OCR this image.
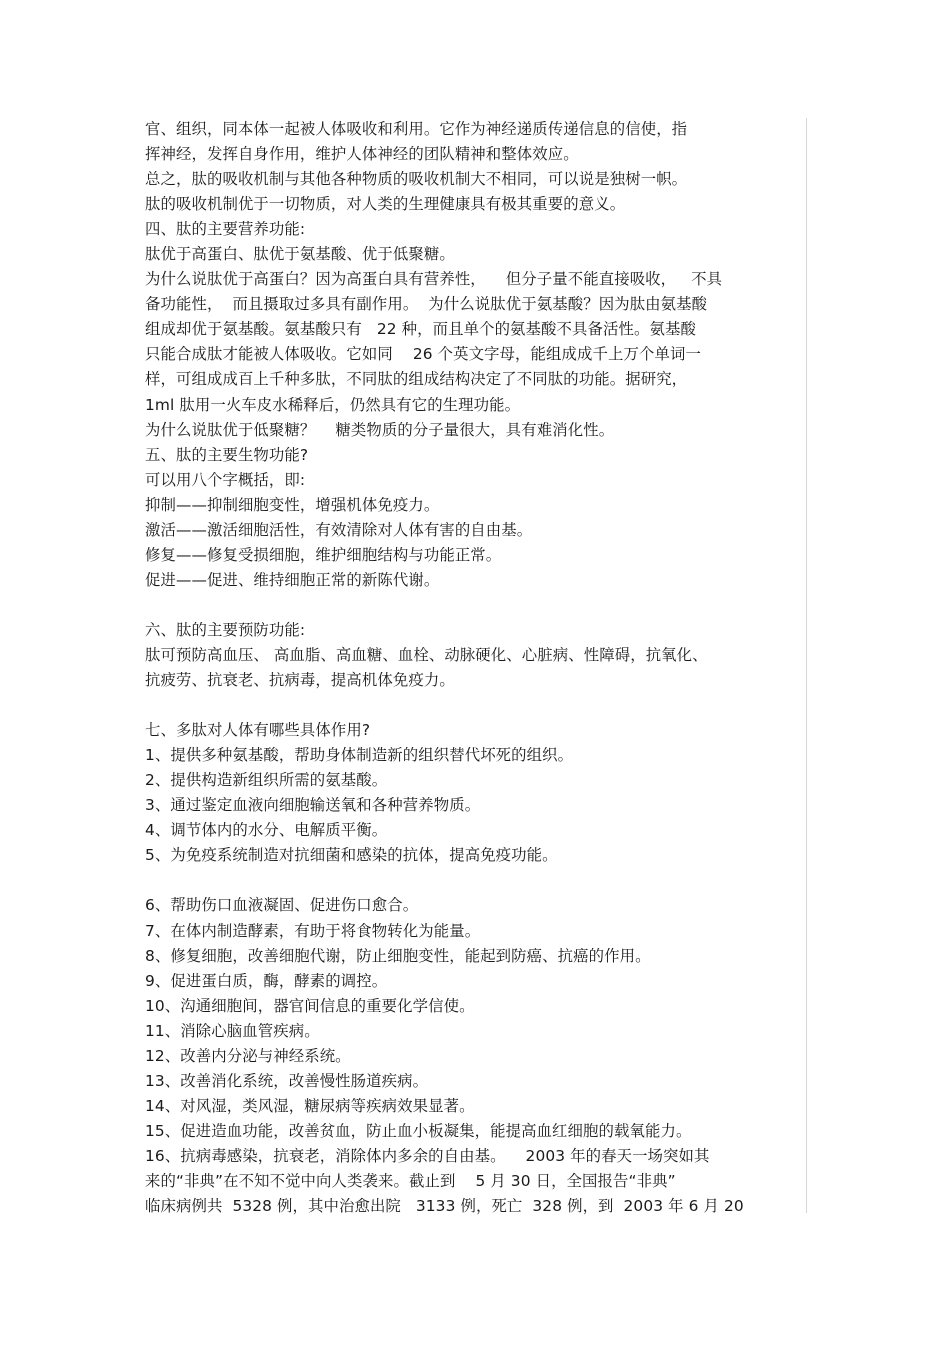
官、组织，同本体一起被人体吸收和利用。它作为神经递质传递信息的信使，指
挥神经，发挥自身作用，维护人体神经的团队精神和整体效应。
总之，肽的吸收机制与其他各种物质的吸收机制大不相同，可以说是独树一帜。
肽的吸收机制优于一切物质，对人类的生理健康具有极其重要的意义。
四、肽的主要营养功能:
肽优于高蛋白、肽优于氨基酸、优于低聚糖。
为什么说肽优于高蛋白？因为高蛋白具有营养性，    但分子量不能直接吸收，   不具
备功能性，  而且摄取过多具有副作用。  为什么说肽优于氨基酸？因为肽由氨基酸
组成却优于氨基酸。氨基酸只有   22 种，而且单个的氨基酸不具备活性。氨基酸
只能合成肽才能被人体吸收。它如同    26 个英文字母，能组成成千上万个单词一
样，可组成成百上千种多肽，不同肽的组成结构决定了不同肽的功能。据研究，
1ml 肽用一火车皮水稀释后，仍然具有它的生理功能。
为什么说肽优于低聚糖？    糖类物质的分子量很大，具有难消化性。
五、肽的主要生物功能?
可以用八个字概括，即:
抑制——抑制细胞变性，增强机体免疫力。
激活——激活细胞活性，有效清除对人体有害的自由基。
修复——修复受损细胞，维护细胞结构与功能正常。
促进——促进、维持细胞正常的新陈代谢。
六、肽的主要预防功能:
肽可预防高血压、 高血脂、高血糖、血栓、动脉硬化、心脏病、性障碍，抗氧化、
抗疲劳、抗衰老、抗病毒，提高机体免疫力。
七、多肽对人体有哪些具体作用?
1、提供多种氨基酸，帮助身体制造新的组织替代坏死的组织。
2、提供构造新组织所需的氨基酸。
3、通过鉴定血液向细胞输送氧和各种营养物质。
4、调节体内的水分、电解质平衡。
5、为免疫系统制造对抗细菌和感染的抗体，提高免疫功能。
6、帮助伤口血液凝固、促进伤口愈合。
7、在体内制造酵素，有助于将食物转化为能量。
8、修复细胞，改善细胞代谢，防止细胞变性，能起到防癌、抗癌的作用。
9、促进蛋白质，酶，酵素的调控。
10、沟通细胞间，器官间信息的重要化学信使。
11、消除心脑血管疾病。
12、改善内分泌与神经系统。
13、改善消化系统，改善慢性肠道疾病。
14、对风湿，类风湿，糖尿病等疾病效果显著。
15、促进造血功能，改善贫血，防止血小板凝集，能提高血红细胞的载氧能力。
16、抗病毒感染，抗衰老，消除体内多余的自由基。    2003 年的春天一场突如其
来的“非典”在不知不觉中向人类袭来。截止到    5 月 30 日，全国报告“非典”
临床病例共  5328 例，其中治愈出院   3133 例，死亡  328 例，到  2003 年 6 月 20
